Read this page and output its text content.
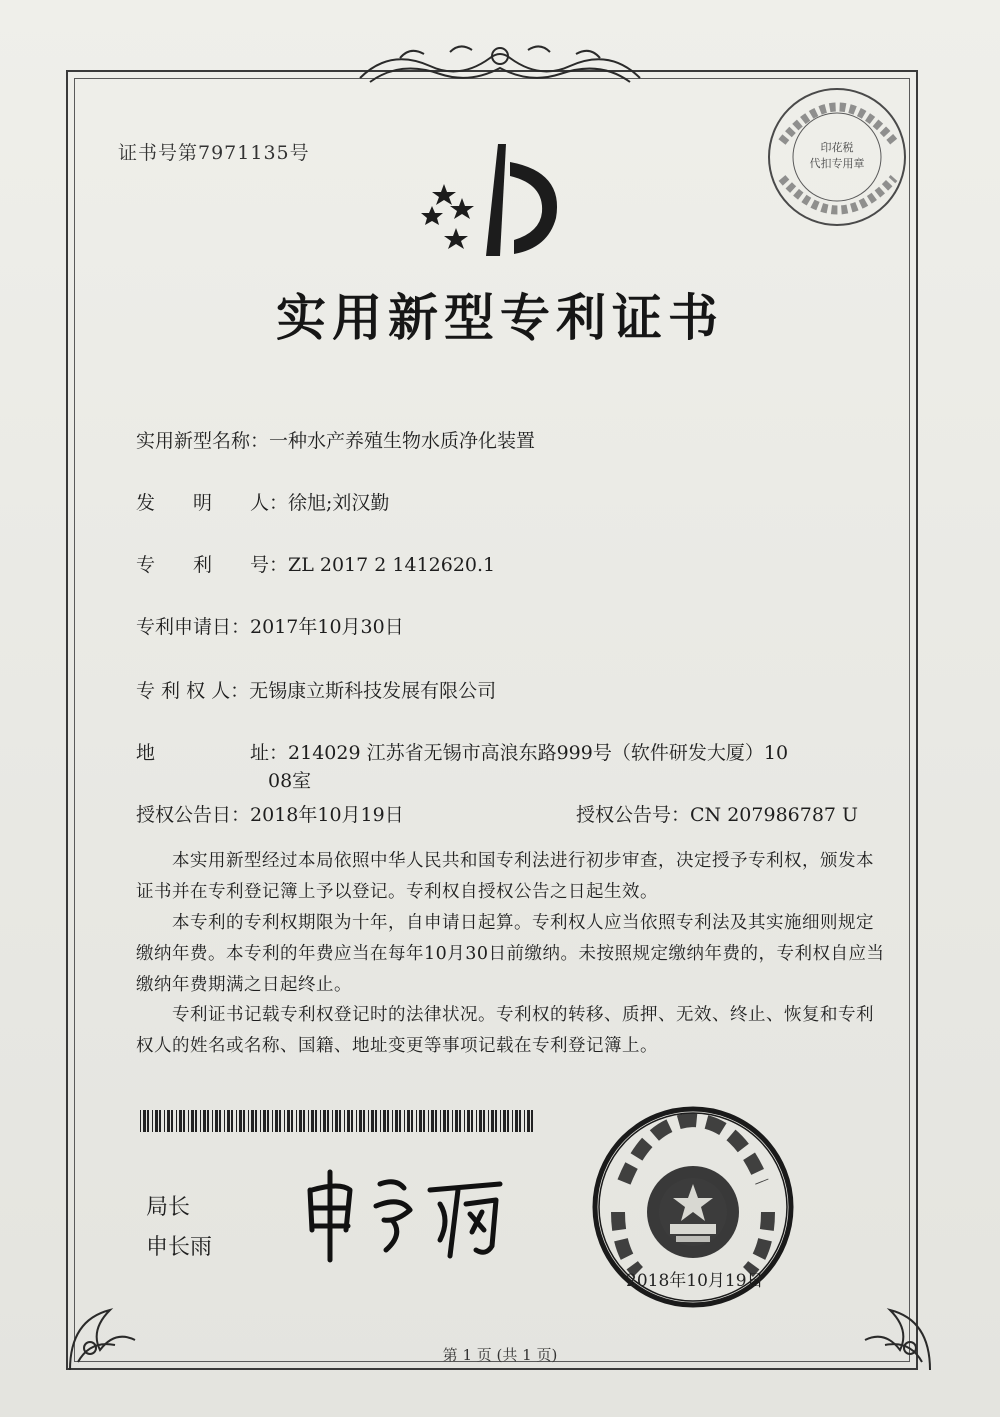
证书号第7971135号	印花税
代扣专用章
实用新型专利证书
实用新型名称：一种水产养殖生物水质净化装置
发　　明　　人：徐旭;刘汉勤
专　　利　　号：ZL 2017 2 1412620.1
专利申请日：2017年10月30日
专 利 权 人：无锡康立斯科技发展有限公司
地　　　　　址：214029 江苏省无锡市高浪东路999号（软件研发大厦）10
08室
授权公告日：2018年10月19日	授权公告号：CN 207986787 U
本实用新型经过本局依照中华人民共和国专利法进行初步审查，决定授予专利权，颁发本证书并在专利登记簿上予以登记。专利权自授权公告之日起生效。
本专利的专利权期限为十年，自申请日起算。专利权人应当依照专利法及其实施细则规定缴纳年费。本专利的年费应当在每年10月30日前缴纳。未按照规定缴纳年费的，专利权自应当缴纳年费期满之日起终止。
专利证书记载专利权登记时的法律状况。专利权的转移、质押、无效、终止、恢复和专利权人的姓名或名称、国籍、地址变更等事项记载在专利登记簿上。
局长
申长雨
2018年10月19日
第 1 页 (共 1 页)
